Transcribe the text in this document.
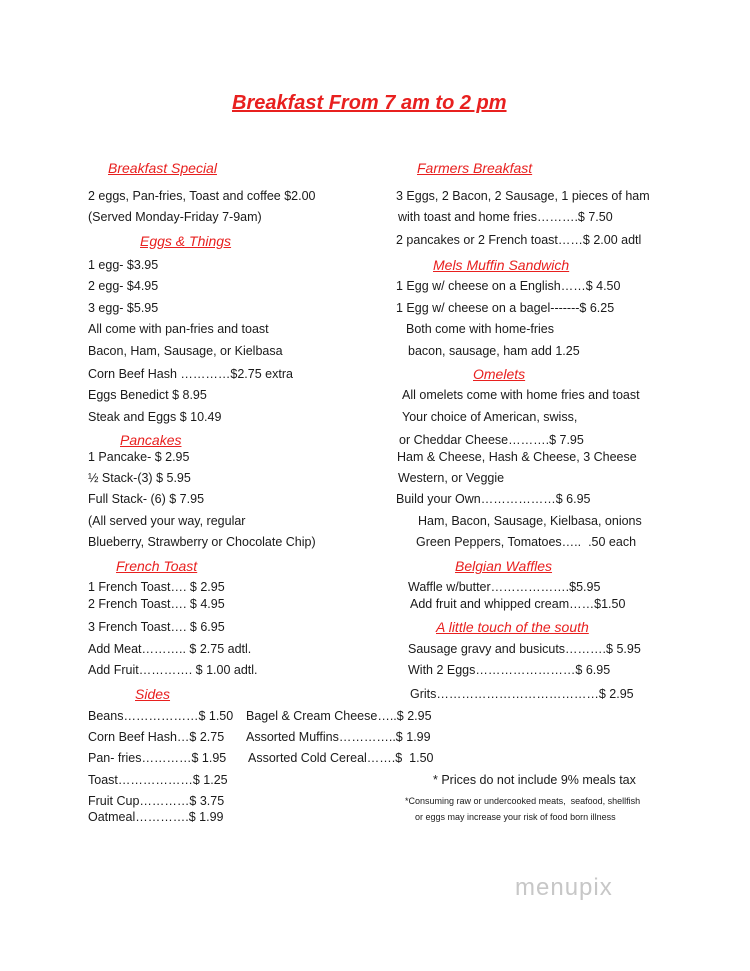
Breakfast From 7 am to 2 pm
Breakfast Special
2 eggs, Pan-fries, Toast and coffee $2.00
(Served Monday-Friday 7-9am)
Eggs & Things
1 egg- $3.95
2 egg- $4.95
3 egg- $5.95
All come with pan-fries and toast
Bacon, Ham, Sausage, or Kielbasa
Corn Beef Hash …………$2.75 extra
Eggs Benedict $ 8.95
Steak and Eggs $ 10.49
Pancakes
1 Pancake- $ 2.95
½ Stack-(3) $ 5.95
Full Stack- (6) $ 7.95
(All served your way, regular
Blueberry, Strawberry or Chocolate Chip)
French Toast
1 French Toast…. $ 2.95
2 French Toast…. $ 4.95
3 French Toast…. $ 6.95
Add Meat……….. $ 2.75 adtl.
Add Fruit…………. $ 1.00 adtl.
Sides
Beans………………$ 1.50
Corn Beef Hash…$ 2.75
Pan- fries…………$ 1.95
Toast………………$ 1.25
Fruit Cup…………$ 3.75
Oatmeal………….$ 1.99
Bagel & Cream Cheese…..$ 2.95
Assorted Muffins…………..$ 1.99
Assorted Cold Cereal…….$  1.50
Farmers Breakfast
3 Eggs, 2 Bacon, 2 Sausage, 1 pieces of ham
with toast and home fries……….$ 7.50
2 pancakes or 2 French toast……$ 2.00 adtl
Mels Muffin Sandwich
1 Egg w/ cheese on a English……$ 4.50
1 Egg w/ cheese on a bagel-------$ 6.25
Both come with home-fries
bacon, sausage, ham add 1.25
Omelets
All omelets come with home fries and toast
Your choice of American, swiss,
or Cheddar Cheese……….$ 7.95
Ham & Cheese, Hash & Cheese, 3 Cheese
Western, or Veggie
Build your Own………………$ 6.95
Ham, Bacon, Sausage, Kielbasa, onions
Green Peppers, Tomatoes…..  .50 each
Belgian Waffles
Waffle w/butter……………….$5.95
Add fruit and whipped cream……$1.50
A little touch of the south
Sausage gravy and busicuts……….$ 5.95
With 2 Eggs……………………$ 6.95
Grits…………………………………$ 2.95
* Prices do not include 9% meals tax
*Consuming raw or undercooked meats,  seafood, shellfish
or eggs may increase your risk of food born illness
menupix
